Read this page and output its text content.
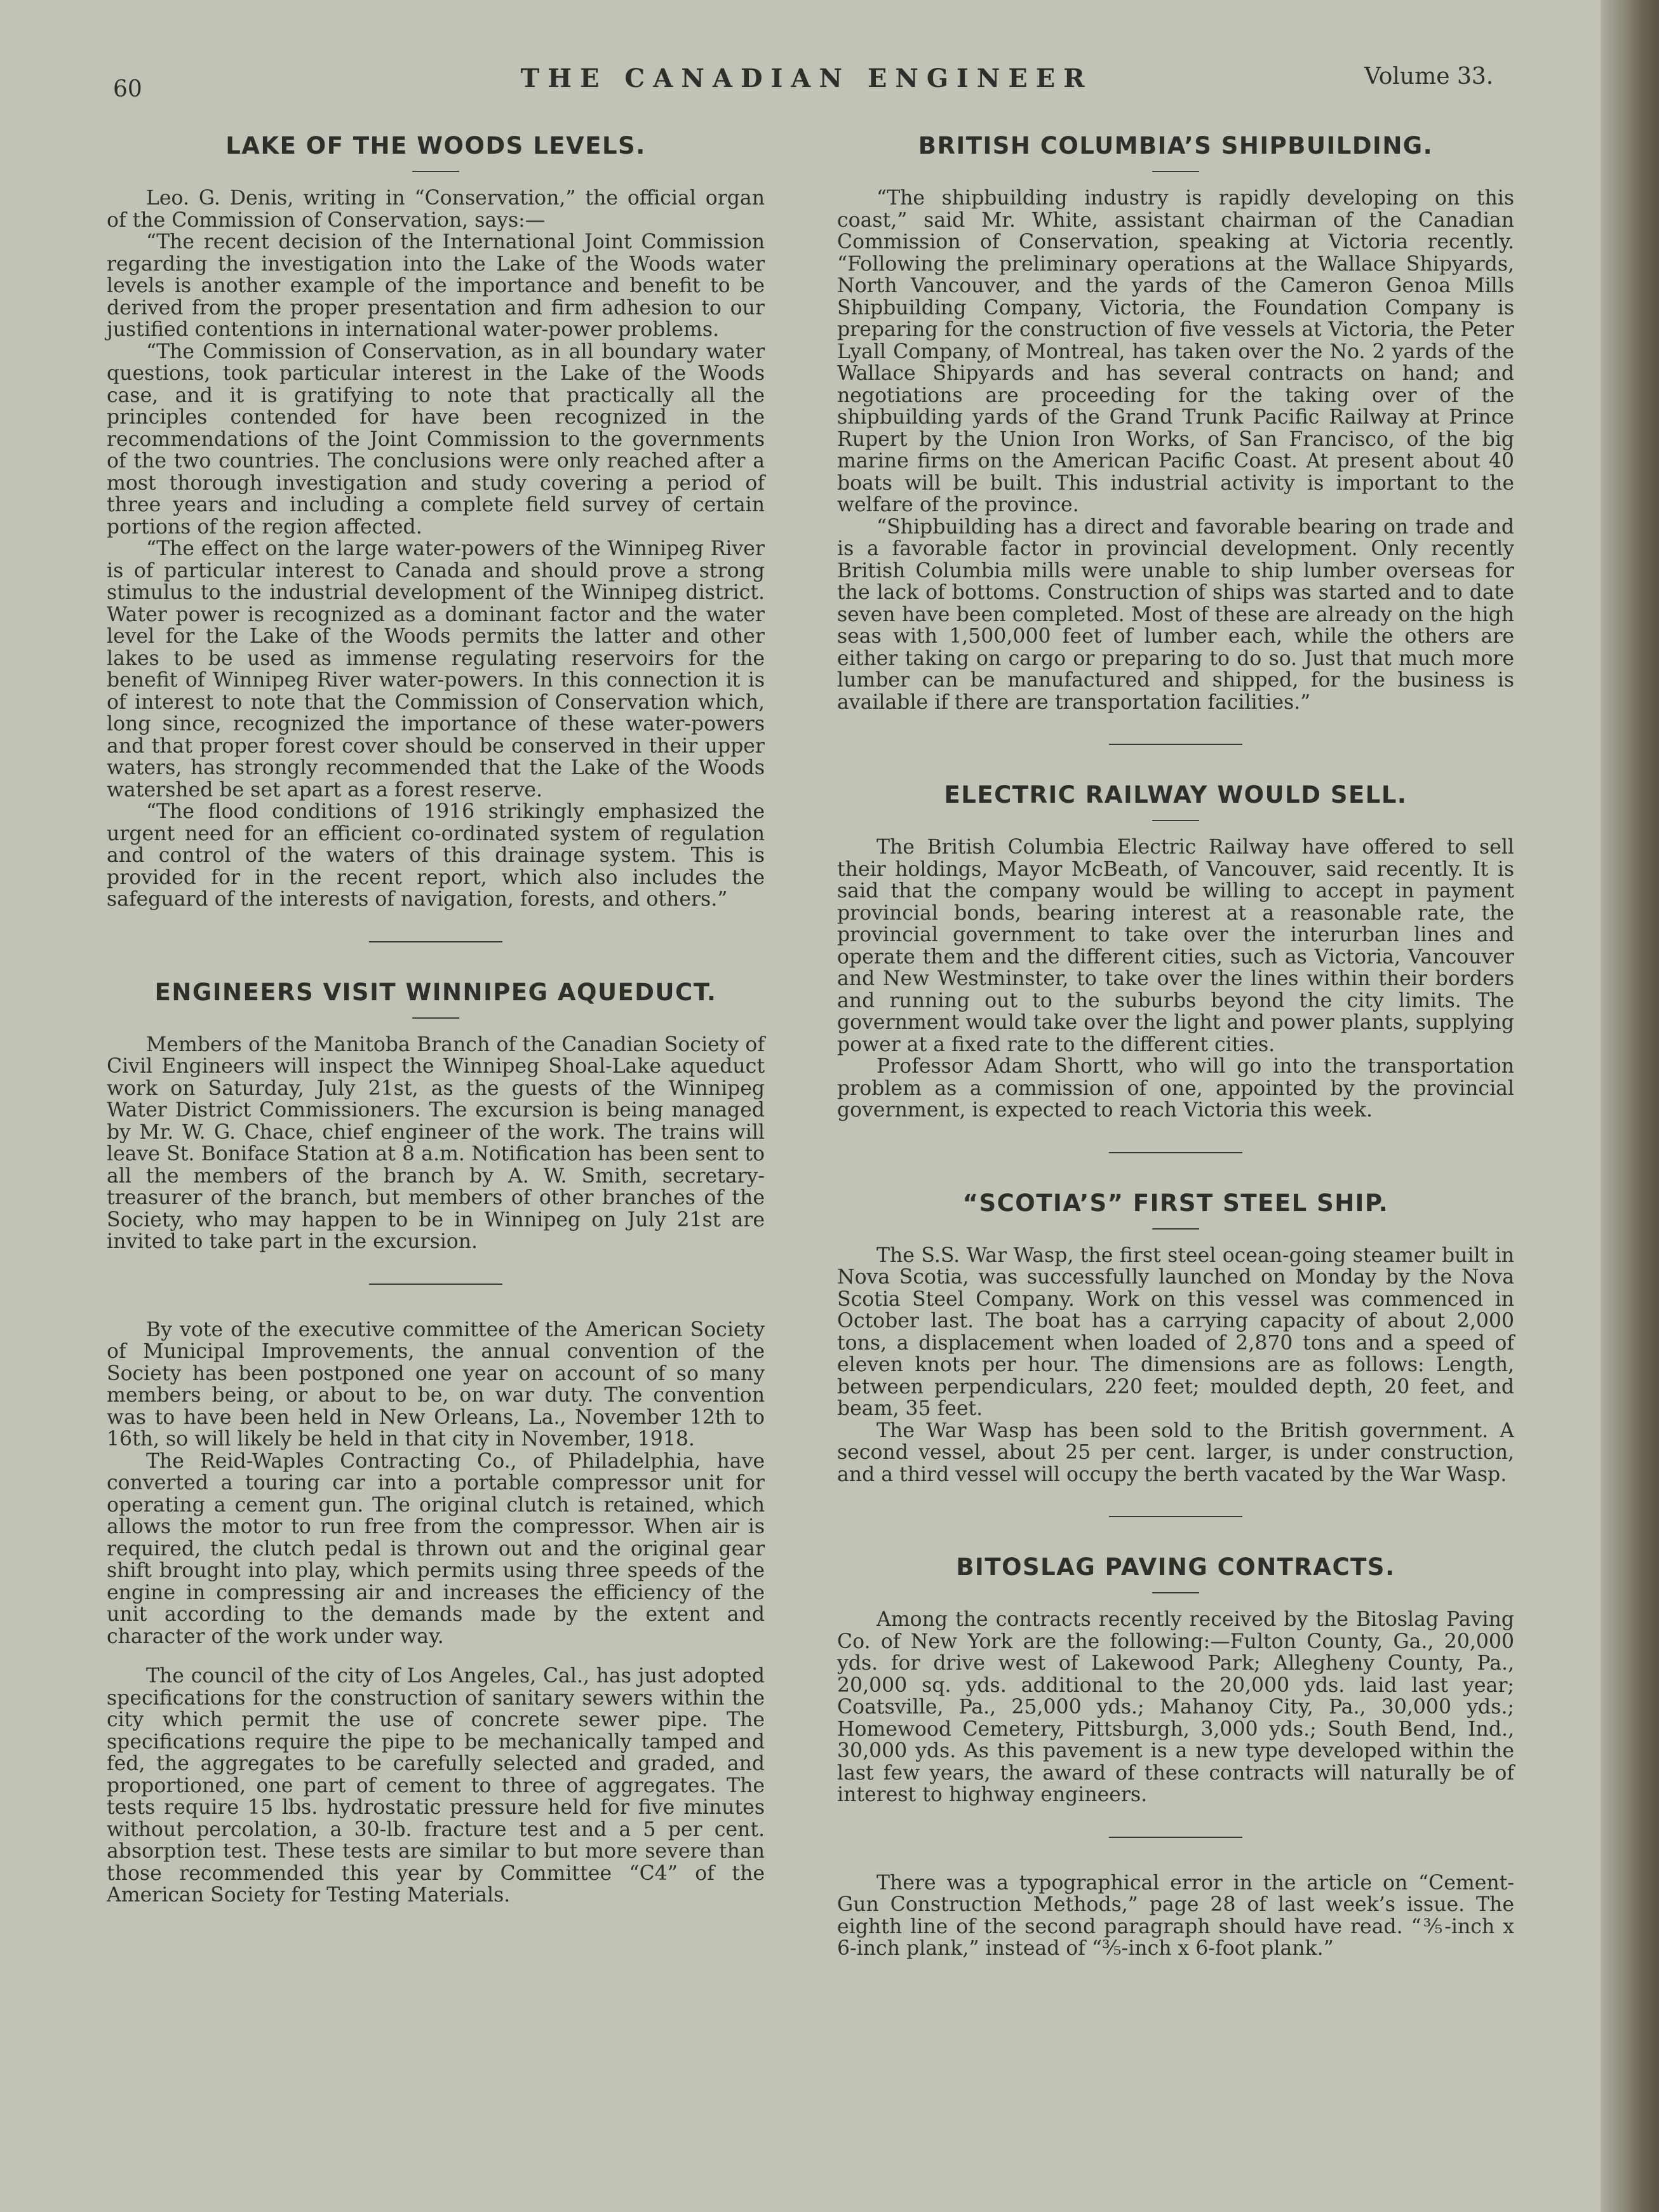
60	THE CANADIAN ENGINEER	Volume 33.
LAKE OF THE WOODS LEVELS.

Leo. G. Denis, writing in “Conservation,” the official organ of the Commission of Conservation, says:—

“The recent decision of the International Joint Commission regarding the investigation into the Lake of the Woods water levels is another example of the importance and benefit to be derived from the proper presentation and firm adhesion to our justified contentions in international water-power problems.

“The Commission of Conservation, as in all boundary water questions, took particular interest in the Lake of the Woods case, and it is gratifying to note that practically all the principles contended for have been recognized in the recommendations of the Joint Commission to the governments of the two countries. The conclusions were only reached after a most thorough investigation and study covering a period of three years and including a complete field survey of certain portions of the region affected.

“The effect on the large water-powers of the Winnipeg River is of particular interest to Canada and should prove a strong stimulus to the industrial development of the Winnipeg district. Water power is recognized as a dominant factor and the water level for the Lake of the Woods permits the latter and other lakes to be used as immense regulating reservoirs for the benefit of Winnipeg River water-powers. In this connection it is of interest to note that the Commission of Conservation which, long since, recognized the importance of these water-powers and that proper forest cover should be conserved in their upper waters, has strongly recommended that the Lake of the Woods watershed be set apart as a forest reserve.

“The flood conditions of 1916 strikingly emphasized the urgent need for an efficient co-ordinated system of regulation and control of the waters of this drainage system. This is provided for in the recent report, which also includes the safeguard of the interests of navigation, forests, and others.”

ENGINEERS VISIT WINNIPEG AQUEDUCT.

Members of the Manitoba Branch of the Canadian Society of Civil Engineers will inspect the Winnipeg Shoal-Lake aqueduct work on Saturday, July 21st, as the guests of the Winnipeg Water District Commissioners. The excursion is being managed by Mr. W. G. Chace, chief engineer of the work. The trains will leave St. Boniface Station at 8 a.m. Notification has been sent to all the members of the branch by A. W. Smith, secretary-treasurer of the branch, but members of other branches of the Society, who may happen to be in Winnipeg on July 21st are invited to take part in the excursion.

By vote of the executive committee of the American Society of Municipal Improvements, the annual convention of the Society has been postponed one year on account of so many members being, or about to be, on war duty. The convention was to have been held in New Orleans, La., November 12th to 16th, so will likely be held in that city in November, 1918.

The Reid-Waples Contracting Co., of Philadelphia, have converted a touring car into a portable compressor unit for operating a cement gun. The original clutch is retained, which allows the motor to run free from the compressor. When air is required, the clutch pedal is thrown out and the original gear shift brought into play, which permits using three speeds of the engine in compressing air and increases the efficiency of the unit according to the demands made by the extent and character of the work under way.

The council of the city of Los Angeles, Cal., has just adopted specifications for the construction of sanitary sewers within the city which permit the use of concrete sewer pipe. The specifications require the pipe to be mechanically tamped and fed, the aggregates to be carefully selected and graded, and proportioned, one part of cement to three of aggregates. The tests require 15 lbs. hydrostatic pressure held for five minutes without percolation, a 30-lb. fracture test and a 5 per cent. absorption test. These tests are similar to but more severe than those recommended this year by Committee “C4” of the American Society for Testing Materials.

BRITISH COLUMBIA’S SHIPBUILDING.

“The shipbuilding industry is rapidly developing on this coast,” said Mr. White, assistant chairman of the Canadian Commission of Conservation, speaking at Victoria recently. “Following the preliminary operations at the Wallace Shipyards, North Vancouver, and the yards of the Cameron Genoa Mills Shipbuilding Company, Victoria, the Foundation Company is preparing for the construction of five vessels at Victoria, the Peter Lyall Company, of Montreal, has taken over the No. 2 yards of the Wallace Shipyards and has several contracts on hand; and negotiations are proceeding for the taking over of the shipbuilding yards of the Grand Trunk Pacific Railway at Prince Rupert by the Union Iron Works, of San Francisco, of the big marine firms on the American Pacific Coast. At present about 40 boats will be built. This industrial activity is important to the welfare of the province.

“Shipbuilding has a direct and favorable bearing on trade and is a favorable factor in provincial development. Only recently British Columbia mills were unable to ship lumber overseas for the lack of bottoms. Construction of ships was started and to date seven have been completed. Most of these are already on the high seas with 1,500,000 feet of lumber each, while the others are either taking on cargo or preparing to do so. Just that much more lumber can be manufactured and shipped, for the business is available if there are transportation facilities.”

ELECTRIC RAILWAY WOULD SELL.

The British Columbia Electric Railway have offered to sell their holdings, Mayor McBeath, of Vancouver, said recently. It is said that the company would be willing to accept in payment provincial bonds, bearing interest at a reasonable rate, the provincial government to take over the interurban lines and operate them and the different cities, such as Victoria, Vancouver and New Westminster, to take over the lines within their borders and running out to the suburbs beyond the city limits. The government would take over the light and power plants, supplying power at a fixed rate to the different cities.

Professor Adam Shortt, who will go into the transportation problem as a commission of one, appointed by the provincial government, is expected to reach Victoria this week.

“SCOTIA’S” FIRST STEEL SHIP.

The S.S. War Wasp, the first steel ocean-going steamer built in Nova Scotia, was successfully launched on Monday by the Nova Scotia Steel Company. Work on this vessel was commenced in October last. The boat has a carrying capacity of about 2,000 tons, a displacement when loaded of 2,870 tons and a speed of eleven knots per hour. The dimensions are as follows: Length, between perpendiculars, 220 feet; moulded depth, 20 feet, and beam, 35 feet.

The War Wasp has been sold to the British government. A second vessel, about 25 per cent. larger, is under construction, and a third vessel will occupy the berth vacated by the War Wasp.

BITOSLAG PAVING CONTRACTS.

Among the contracts recently received by the Bitoslag Paving Co. of New York are the following:—Fulton County, Ga., 20,000 yds. for drive west of Lakewood Park; Allegheny County, Pa., 20,000 sq. yds. additional to the 20,000 yds. laid last year; Coatsville, Pa., 25,000 yds.; Mahanoy City, Pa., 30,000 yds.; Homewood Cemetery, Pittsburgh, 3,000 yds.; South Bend, Ind., 30,000 yds. As this pavement is a new type developed within the last few years, the award of these contracts will naturally be of interest to highway engineers.

There was a typographical error in the article on “Cement-Gun Construction Methods,” page 28 of last week’s issue. The eighth line of the second paragraph should have read. “⅗-inch x 6-inch plank,” instead of “⅗-inch x 6-foot plank.”
